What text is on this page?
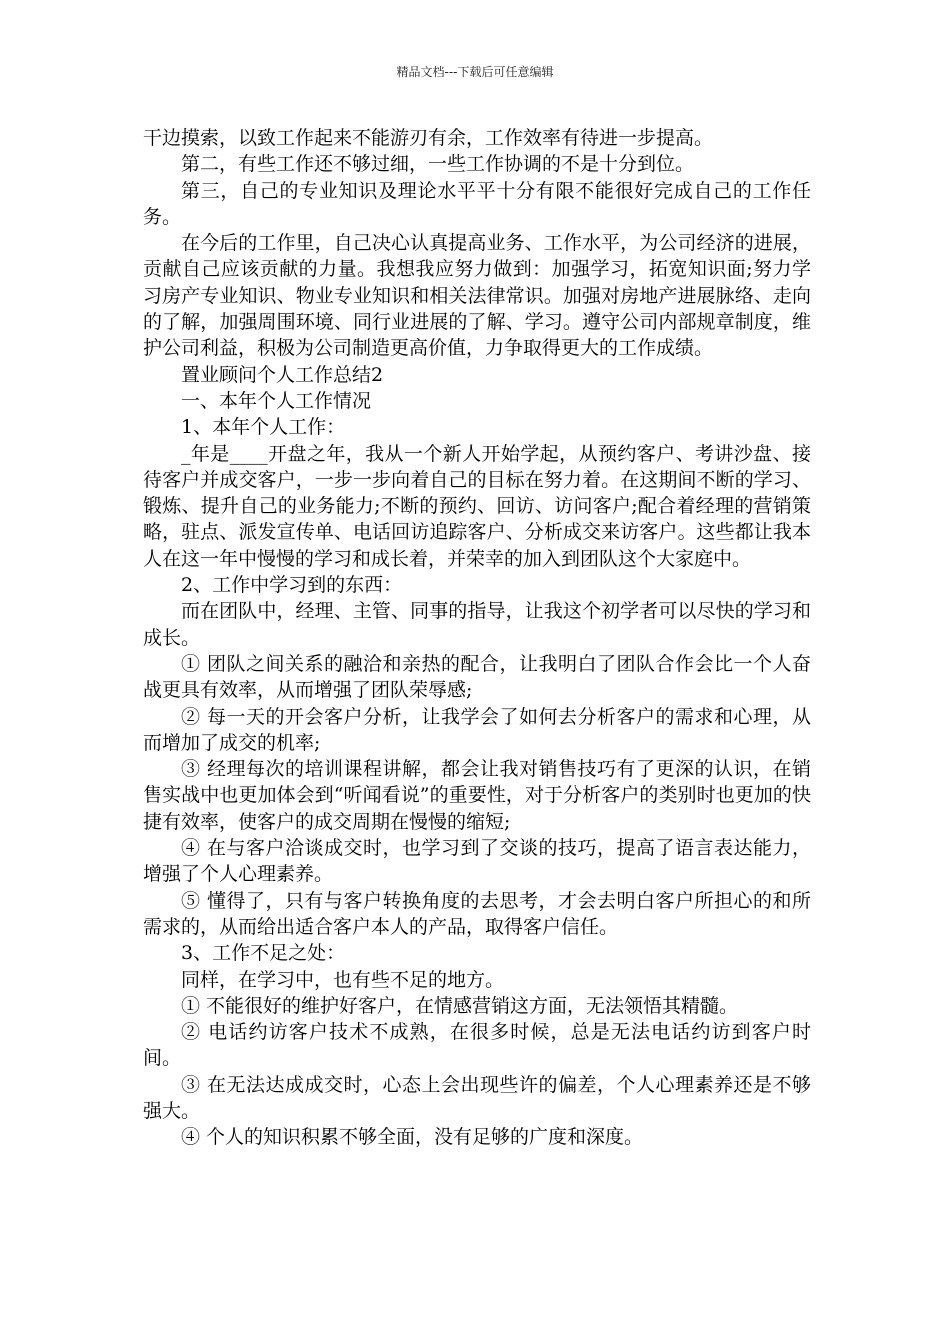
精品文档---下载后可任意编辑

干边摸索，以致工作起来不能游刃有余，工作效率有待进一步提高。

第二，有些工作还不够过细，一些工作协调的不是十分到位。

第三，自己的专业知识及理论水平平十分有限不能很好完成自己的工作任务。

在今后的工作里，自己决心认真提高业务、工作水平，为公司经济的进展，贡献自己应该贡献的力量。我想我应努力做到：加强学习，拓宽知识面;努力学习房产专业知识、物业专业知识和相关法律常识。加强对房地产进展脉络、走向的了解，加强周围环境、同行业进展的了解、学习。遵守公司内部规章制度，维护公司利益，积极为公司制造更高价值，力争取得更大的工作成绩。

置业顾问个人工作总结2

一、本年个人工作情况

1、本年个人工作：

_年是____开盘之年，我从一个新人开始学起，从预约客户、考讲沙盘、接待客户并成交客户，一步一步向着自己的目标在努力着。在这期间不断的学习、锻炼、提升自己的业务能力;不断的预约、回访、访问客户;配合着经理的营销策略，驻点、派发宣传单、电话回访追踪客户、分析成交来访客户。这些都让我本人在这一年中慢慢的学习和成长着，并荣幸的加入到团队这个大家庭中。

2、工作中学习到的东西：

而在团队中，经理、主管、同事的指导，让我这个初学者可以尽快的学习和成长。

① 团队之间关系的融洽和亲热的配合，让我明白了团队合作会比一个人奋战更具有效率，从而增强了团队荣辱感;

② 每一天的开会客户分析，让我学会了如何去分析客户的需求和心理，从而增加了成交的机率;

③ 经理每次的培训课程讲解，都会让我对销售技巧有了更深的认识，在销售实战中也更加体会到“听闻看说”的重要性，对于分析客户的类别时也更加的快捷有效率，使客户的成交周期在慢慢的缩短;

④ 在与客户洽谈成交时，也学习到了交谈的技巧，提高了语言表达能力，增强了个人心理素养。

⑤ 懂得了，只有与客户转换角度的去思考，才会去明白客户所担心的和所需求的，从而给出适合客户本人的产品，取得客户信任。

3、工作不足之处：

同样，在学习中，也有些不足的地方。

① 不能很好的维护好客户，在情感营销这方面，无法领悟其精髓。

② 电话约访客户技术不成熟，在很多时候，总是无法电话约访到客户时间。

③ 在无法达成成交时，心态上会出现些许的偏差，个人心理素养还是不够强大。

④ 个人的知识积累不够全面，没有足够的广度和深度。
